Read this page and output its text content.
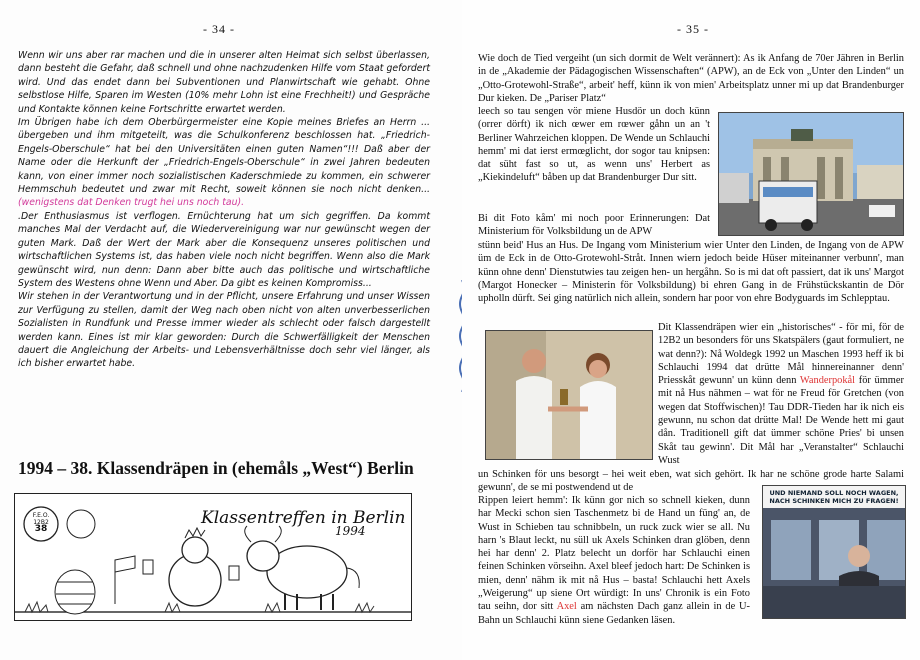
- 34 -

Wenn wir uns aber rar machen und die in unserer alten Heimat sich selbst überlassen, dann besteht die Gefahr, daß schnell und ohne nachzudenken Hilfe vom Staat gefordert wird. Und das endet dann bei Subventionen und Planwirtschaft wie gehabt. Ohne selbstlose Hilfe, Sparen im Westen (10% mehr Lohn ist eine Frechheit!) und Gespräche und Kontakte können keine Fortschritte erwartet werden.

Im Übrigen habe ich dem Oberbürgermeister eine Kopie meines Briefes an Herrn ... übergeben und ihm mitgeteilt, was die Schulkonferenz beschlossen hat. „Friedrich-Engels-Oberschule“ hat bei den Universitäten einen guten Namen“!!! Daß aber der Name oder die Herkunft der „Friedrich-Engels-Oberschule“ in zwei Jahren bedeuten kann, von einer immer noch sozialistischen Kaderschmiede zu kommen, ein schwerer Hemmschuh bedeutet und zwar mit Recht, soweit können sie noch nicht denken... (wenigstens dat Denken trugt hei uns noch tau).

.Der Enthusiasmus ist verflogen. Ernüchterung hat um sich gegriffen. Da kommt manches Mal der Verdacht auf, die Wiedervereinigung war nur gewünscht wegen der guten Mark. Daß der Wert der Mark aber die Konsequenz unseres politischen und wirtschaftlichen Systems ist, das haben viele noch nicht begriffen. Wenn also die Mark gewünscht wird, nun denn: Dann aber bitte auch das politische und wirtschaftliche System des Westens ohne Wenn und Aber. Da gibt es keinen Kompromiss...

Wir stehen in der Verantwortung und in der Pflicht, unsere Erfahrung und unser Wissen zur Verfügung zu stellen, damit der Weg nach oben nicht von alten unverbesserlichen Sozialisten in Rundfunk und Presse immer wieder als schlecht oder falsch dargestellt werden kann. Eines ist mir klar geworden: Durch die Schwerfälligkeit der Menschen dauert die Angleichung der Arbeits- und Lebensverhältnisse doch sehr viel länger, als ich bisher erwartet habe.

1994 – 38. Klassendräpen in (ehemåls „West“) Berlin
F.E.O.
12B2
38
Klassentreffen in Berlin
1994
- 35 -
Wie doch de Tied vergeiht (un sich dormit de Welt verännert): As ik Anfang de 70er Jähren in Berlin in de „Akademie der Pädagogischen Wissenschaften“ (APW), an de Eck von „Unter den Linden“ un „Otto-Grotewohl-Straße“, arbeit' heff, künn ik von mien' Arbeitsplatz unner mi up dat Brandenburger Dur kieken. De „Pariser Platz“
leech so tau sengen vör miene Husdör un doch künn (orrer dörft) ik nich œwer em rœwer gåhn un an 't Berliner Wahrzeichen kloppen. De Wende un Schlauchi hemm' mi dat ierst ermœglicht, dor sogor tau knipsen: dat süht fast so ut, as wenn uns' Herbert as „Kiekindeluft“ båben up dat Brandenburger Dur sitt.
Bi dit Foto kåm' mi noch poor Erinnerungen: Dat Ministerium för Volksbildung un de APW
stünn beid' Hus an Hus. De Ingang vom Ministerium wier Unter den Linden, de Ingang von de APW üm de Eck in de Otto-Grotewohl-Stråt. Innen wiern jedoch beide Hüser miteinanner verbunn', man künn ohne denn' Dienstutwies tau zeigen hen- un hergåhn. So is mi dat oft passiert, dat ik uns' Margot (Margot Honecker – Ministerin för Volksbildung) bi ehren Gang in de Frühstückskantin de Dör upholln dürft. Sei ging natürlich nich allein, sondern har poor von ehre Bodyguards im Schlepptau.
Dit Klassendräpen wier ein „historisches“ - för mi, för de 12B2 un besonders för uns Skatspälers (gaut formuliert, ne wat denn?): Nå Woldegk 1992 un Maschen 1993 heff ik bi Schlauchi 1994 dat drütte Mål hinnereinanner denn' Priesskåt gewunn' un künn denn Wanderpokål för ümmer mit nå Hus nähmen – wat för ne Freud för Gretchen (von wegen dat Stoffwischen)! Tau DDR-Tieden har ik nich eis gewunn, nu schon dat drütte Mal! De Wende hett mi gaut dån. Traditionell gift dat ümmer schöne Pries' bi unsen Skåt tau gewinn'. Dit Mål har „Veranstalter“ Schlauchi Wust
un Schinken för uns besorgt – hei weit eben, wat sich gehört. Ik har ne schöne grode harte Salami gewunn', de se mi postwendend ut de
Rippen leiert hemm': Ik künn gor nich so schnell kieken, dunn har Mecki schon sien Taschenmetz bi de Hand un füng' an, de Wust in Schieben tau schnibbeln, un ruck zuck wier se all. Nu harn 's Blaut leckt, nu süll uk Axels Schinken dran glöben, denn hei har denn' 2. Platz belecht un dorför har Schlauchi einen feinen Schinken vörseihn. Axel bleef jedoch hart: De Schinken is mien, denn' nähm ik mit nå Hus – basta! Schlauchi hett Axels „Weigerung“ up siene Ort würdigt: In uns' Chronik is ein Foto tau seihn, dor sitt Axel am nächsten Dach ganz allein in de U-Bahn un Schlauchi künn siene Gedanken läsen.
UND NIEMAND SOLL NOCH WAGEN, NACH SCHINKEN MICH ZU FRAGEN!
